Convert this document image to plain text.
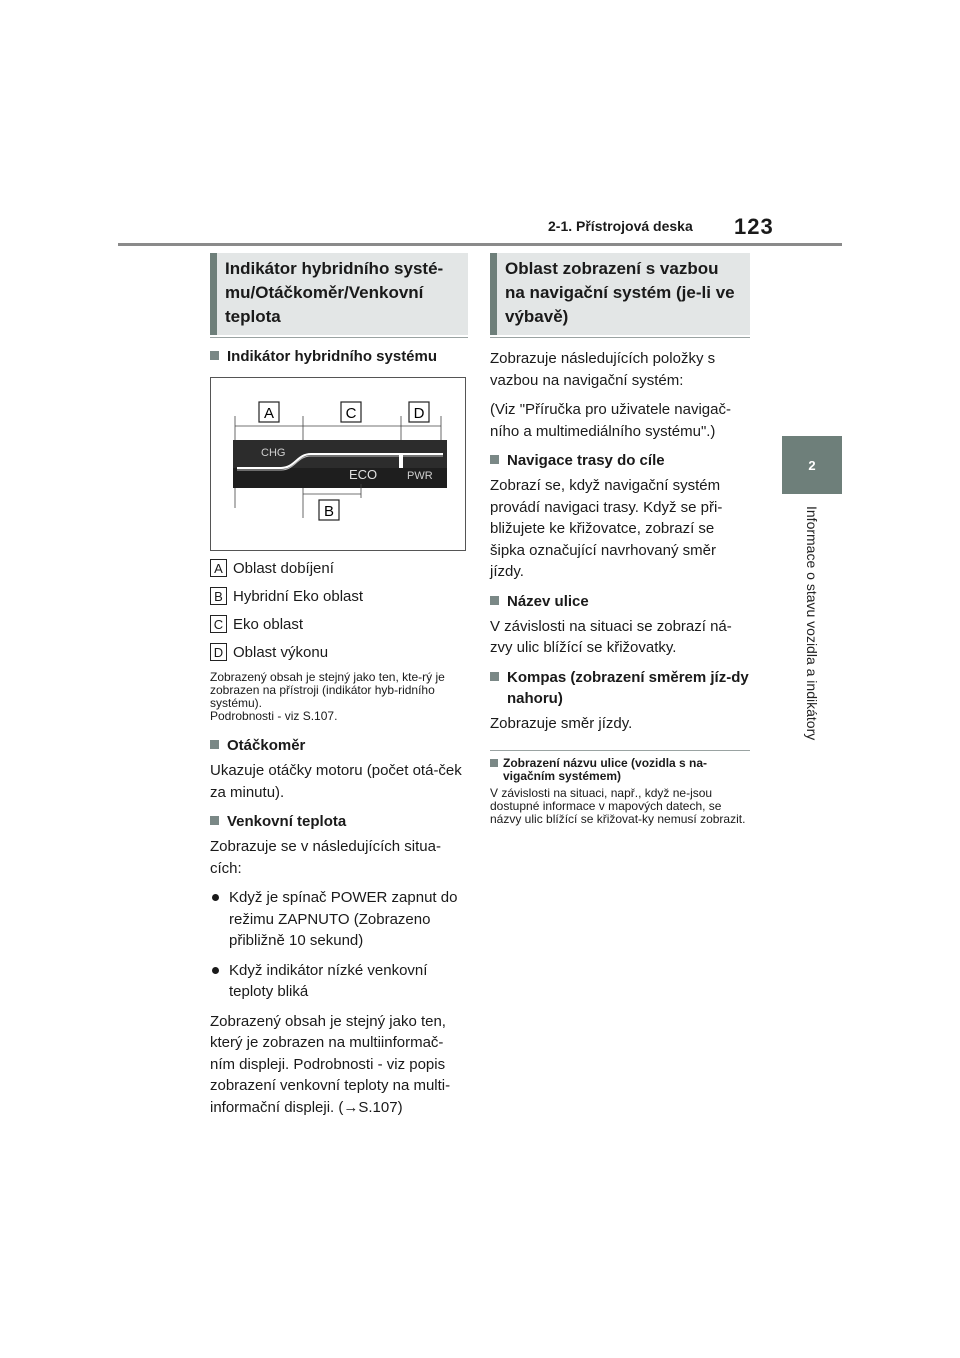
2-1. Přístrojová deska 123
2
Informace o stavu vozidla a indikátory
Indikátor hybridního systé-
mu/Otáčkoměr/Venkovní
teplota
Indikátor hybridního systému
A	C	D
CHG
ECO	PWR
B
A Oblast dobíjení
B Hybridní Eko oblast
C Eko oblast
D Oblast výkonu
Zobrazený obsah je stejný jako ten, kte-rý je zobrazen na přístroji (indikátor hyb-ridního systému).
Podrobnosti - viz S.107.
Otáčkoměr
Ukazuje otáčky motoru (počet otá-ček za minutu).
Venkovní teplota
Zobrazuje se v následujících situa-cích:
Když je spínač POWER zapnut do režimu ZAPNUTO (Zobrazeno přibližně 10 sekund)
Když indikátor nízké venkovní teploty bliká
Zobrazený obsah je stejný jako ten, který je zobrazen na multiinformač-ním displeji. Podrobnosti - viz popis zobrazení venkovní teploty na multi-informační displeji. (→S.107)
Oblast zobrazení s vazbou
na navigační systém (je-li ve
výbavě)
Zobrazuje následujících položky s vazbou na navigační systém:
(Viz "Příručka pro uživatele navigač-ního a multimediálního systému".)
Navigace trasy do cíle
Zobrazí se, když navigační systém provádí navigaci trasy. Když se při-bližujete ke křižovatce, zobrazí se šipka označující navrhovaný směr jízdy.
Název ulice
V závislosti na situaci se zobrazí ná-zvy ulic blížící se křižovatky.
Kompas (zobrazení směrem jíz-dy nahoru)
Zobrazuje směr jízdy.
Zobrazení názvu ulice (vozidla s na-vigačním systémem)
V závislosti na situaci, např., když ne-jsou dostupné informace v mapových datech, se názvy ulic blížící se křižovat-ky nemusí zobrazit.
